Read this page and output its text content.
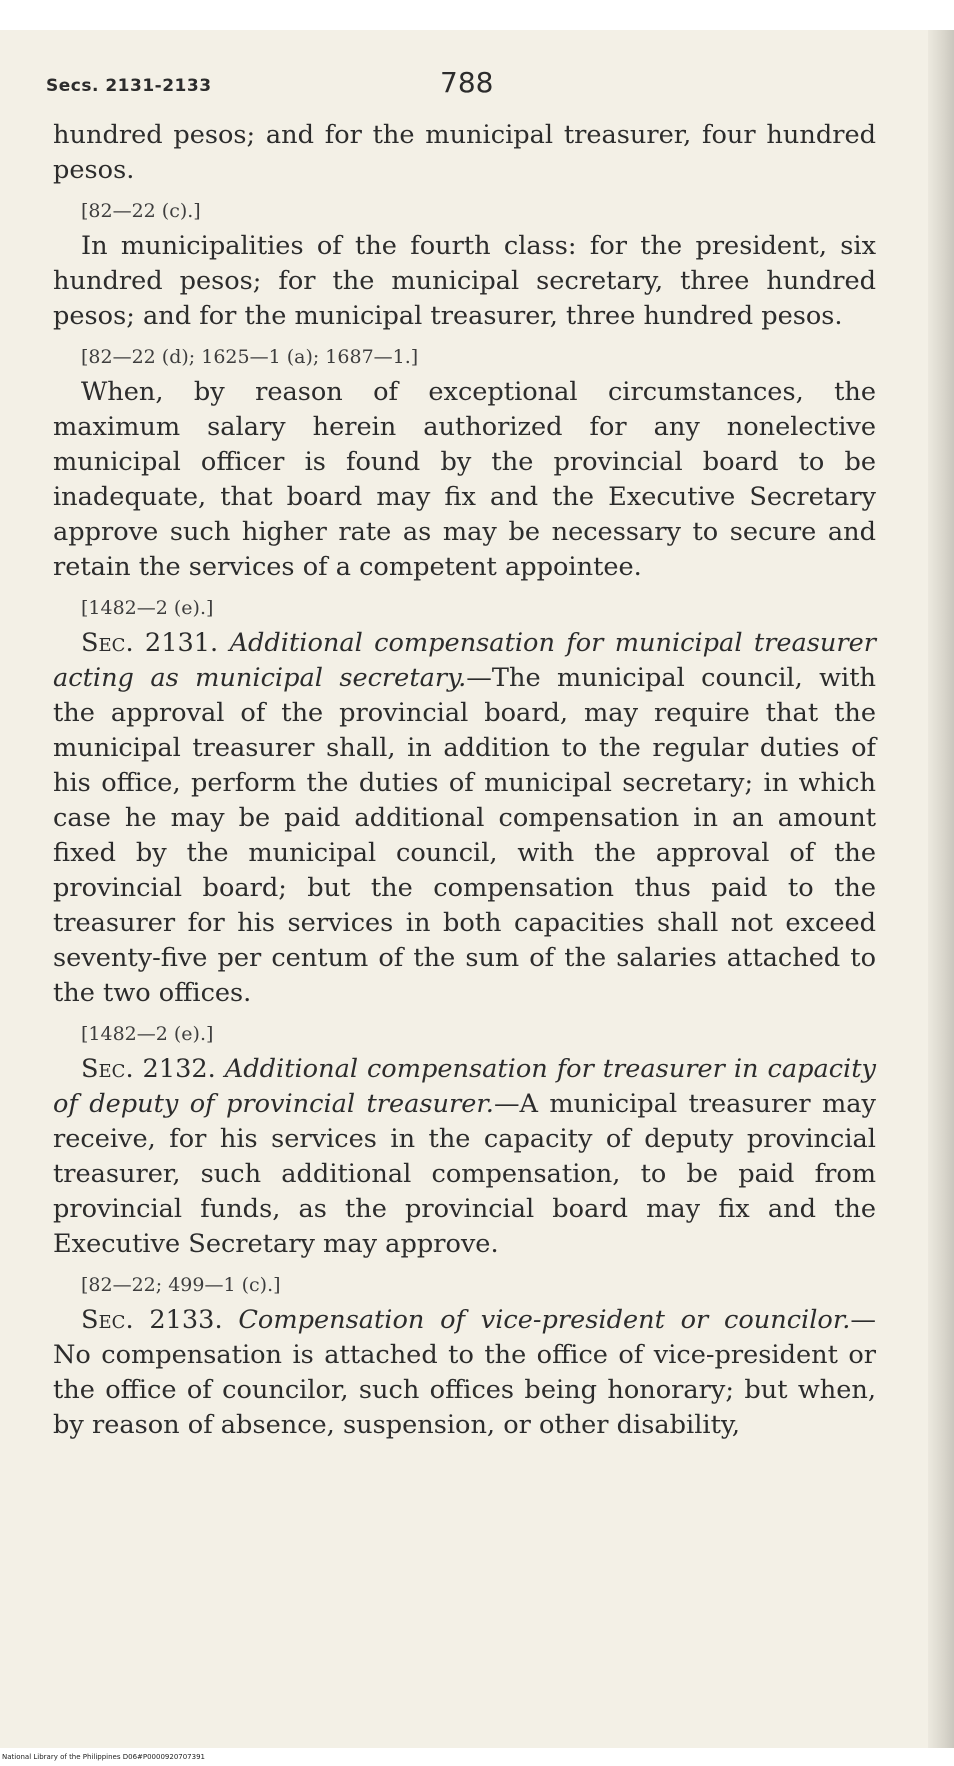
Secs. 2131-2133	788

hundred pesos; and for the municipal treasurer, four hundred pesos.

[82—22 (c).]

In municipalities of the fourth class: for the president, six hundred pesos; for the municipal secretary, three hundred pesos; and for the municipal treasurer, three hundred pesos.

[82—22 (d); 1625—1 (a); 1687—1.]

When, by reason of exceptional circumstances, the maximum salary herein authorized for any nonelective municipal officer is found by the provincial board to be inadequate, that board may fix and the Executive Secretary approve such higher rate as may be necessary to secure and retain the services of a competent appointee.

[1482—2 (e).]

Sec. 2131. Additional compensation for municipal treasurer acting as municipal secretary.—The municipal council, with the approval of the provincial board, may require that the municipal treasurer shall, in addition to the regular duties of his office, perform the duties of municipal secretary; in which case he may be paid additional compensation in an amount fixed by the municipal council, with the approval of the provincial board; but the compensation thus paid to the treasurer for his services in both capacities shall not exceed seventy-five per centum of the sum of the salaries attached to the two offices.

[1482—2 (e).]

Sec. 2132. Additional compensation for treasurer in capacity of deputy of provincial treasurer.—A municipal treasurer may receive, for his services in the capacity of deputy provincial treasurer, such additional compensation, to be paid from provincial funds, as the provincial board may fix and the Executive Secretary may approve.

[82—22; 499—1 (c).]

Sec. 2133. Compensation of vice-president or councilor.— No compensation is attached to the office of vice-president or the office of councilor, such offices being honorary; but when, by reason of absence, suspension, or other disability,

National Library of the Philippines D06#P0000920707391
